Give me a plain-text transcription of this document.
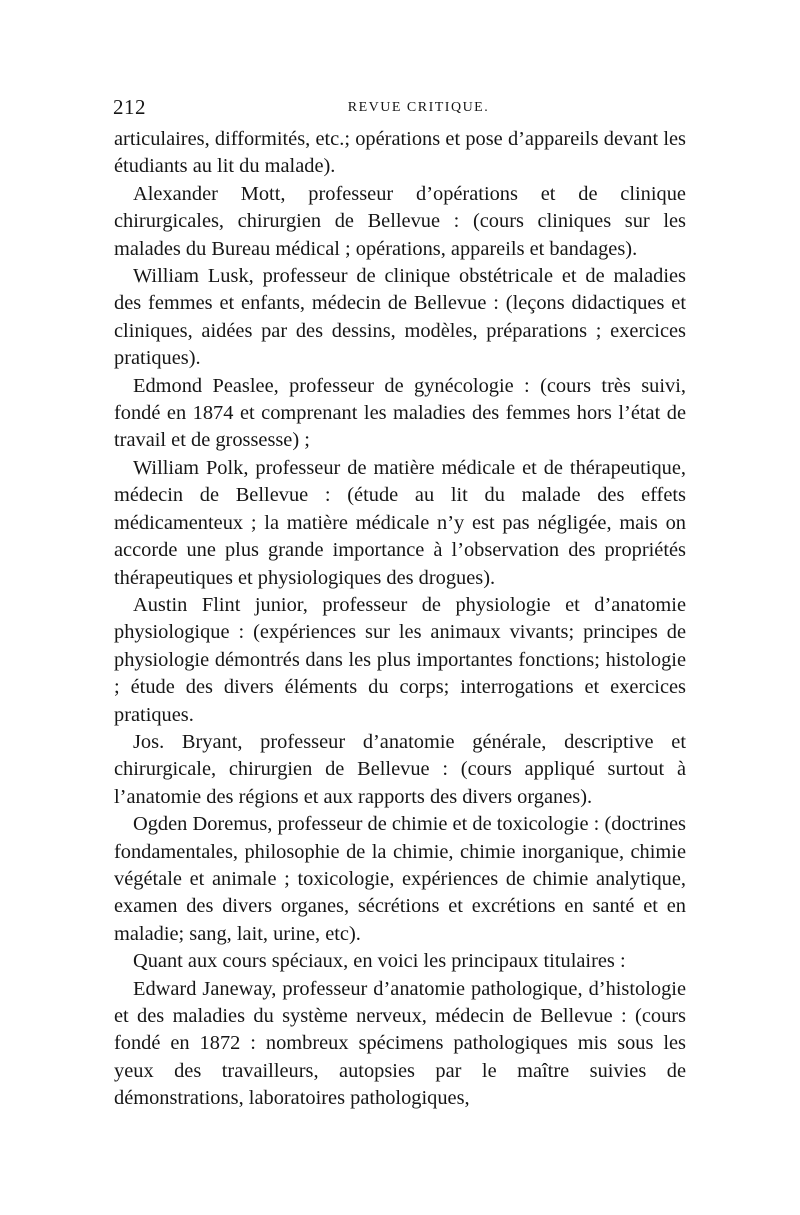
212	REVUE CRITIQUE.

articulaires, difformités, etc.; opérations et pose d’appareils devant les étudiants au lit du malade).

Alexander Mott, professeur d’opérations et de clinique chirurgicales, chirurgien de Bellevue : (cours cliniques sur les malades du Bureau médical ; opérations, appareils et bandages).

William Lusk, professeur de clinique obstétricale et de maladies des femmes et enfants, médecin de Bellevue : (leçons didactiques et cliniques, aidées par des dessins, modèles, préparations ; exercices pratiques).

Edmond Peaslee, professeur de gynécologie : (cours très suivi, fondé en 1874 et comprenant les maladies des femmes hors l’état de travail et de grossesse) ;

William Polk, professeur de matière médicale et de thérapeutique, médecin de Bellevue : (étude au lit du malade des effets médicamenteux ; la matière médicale n’y est pas négligée, mais on accorde une plus grande importance à l’observation des propriétés thérapeutiques et physiologiques des drogues).

Austin Flint junior, professeur de physiologie et d’anatomie physiologique : (expériences sur les animaux vivants; principes de physiologie démontrés dans les plus importantes fonctions; histologie ; étude des divers éléments du corps; interrogations et exercices pratiques.

Jos. Bryant, professeur d’anatomie générale, descriptive et chirurgicale, chirurgien de Bellevue : (cours appliqué surtout à l’anatomie des régions et aux rapports des divers organes).

Ogden Doremus, professeur de chimie et de toxicologie : (doctrines fondamentales, philosophie de la chimie, chimie inorganique, chimie végétale et animale ; toxicologie, expériences de chimie analytique, examen des divers organes, sécrétions et excrétions en santé et en maladie; sang, lait, urine, etc).

Quant aux cours spéciaux, en voici les principaux titulaires :

Edward Janeway, professeur d’anatomie pathologique, d’histologie et des maladies du système nerveux, médecin de Bellevue : (cours fondé en 1872 : nombreux spécimens pathologiques mis sous les yeux des travailleurs, autopsies par le maître suivies de démonstrations, laboratoires pathologiques,
